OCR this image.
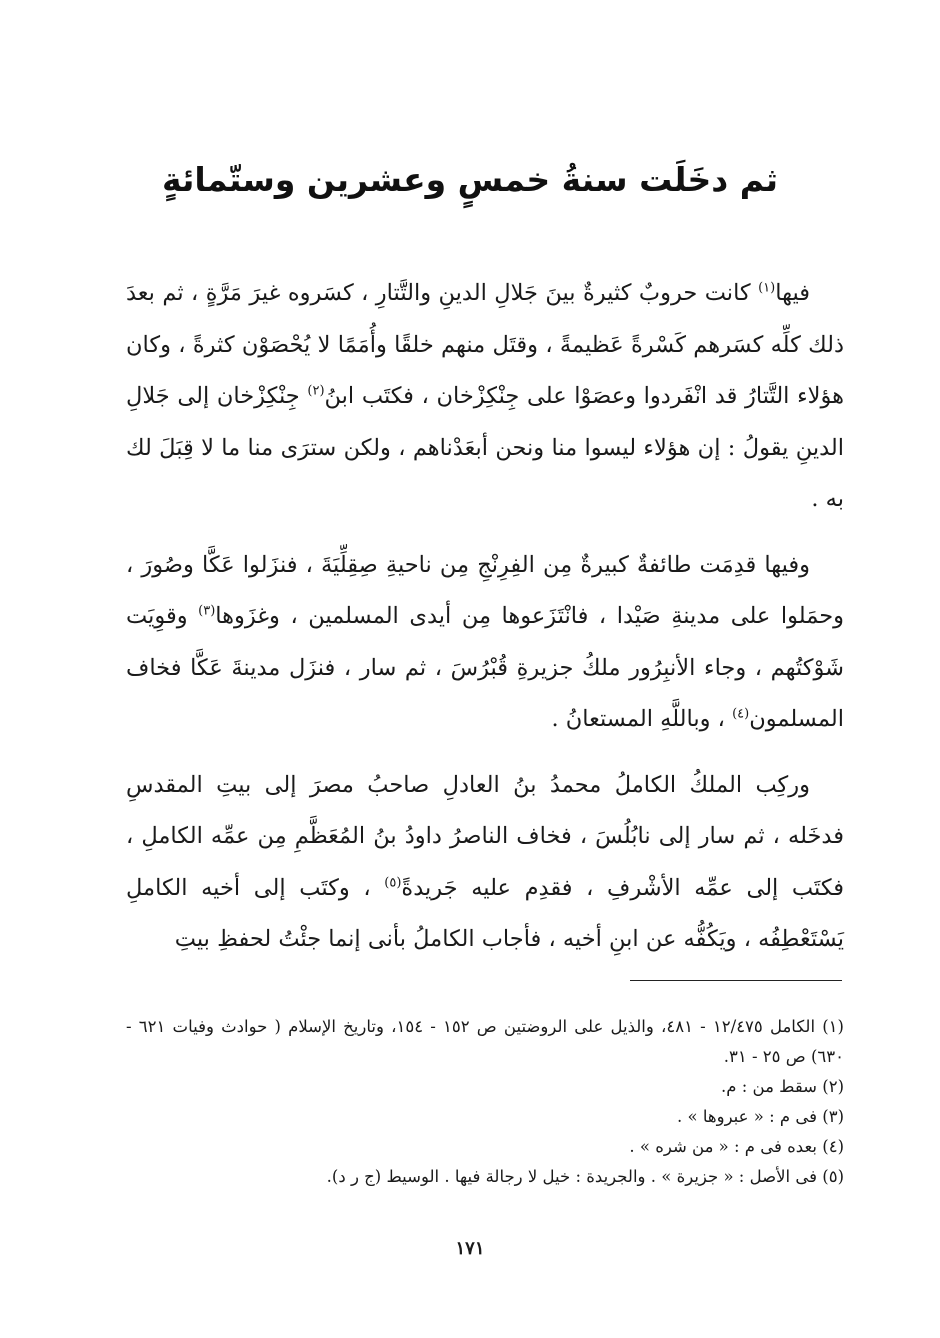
ثم دخَلَت سنةُ خمسٍ وعشرين وستّمائةٍ

فيها$^{(١)}$ كانت حروبٌ كثيرةٌ بينَ جَلالِ الدينِ والتَّتارِ ، كسَروه غيرَ مَرَّةٍ ، ثم بعدَ ذلك كلِّه كسَرهم كَسْرةً عَظيمةً ، وقتَل منهم خلقًا وأُمَمًا لا يُحْصَوْن كثرةً ، وكان هؤلاء التَّتارُ قد انْفَردوا وعصَوْا على جِنْكِزْخان ، فكتَب ابنُ$^{(٢)}$ جِنْكِزْخان إلى جَلالِ الدينِ يقولُ : إن هؤلاء ليسوا منا ونحن أبعَدْناهم ، ولكن سترَى منا ما لا قِبَلَ لك به .

وفيها قدِمَت طائفةٌ كبيرةٌ مِن الفِرِنْجِ مِن ناحيةِ صِقِلِّيَةَ ، فنزَلوا عَكَّا وصُورَ ، وحمَلوا على مدينةِ صَيْدا ، فانْتَزَعوها مِن أيدى المسلمين ، وغزَوها$^{(٣)}$ وقوِيَت شَوْكتُهم ، وجاء الأنبِرُور ملكُ جزيرةِ قُبْرُسَ ، ثم سار ، فنزَل مدينةَ عَكَّا فخاف المسلمون$^{(٤)}$ ، وباللَّهِ المستعانُ .

وركِب الملكُ الكاملُ محمدُ بنُ العادلِ صاحبُ مصرَ إلى بيتِ المقدسِ فدخَله ، ثم سار إلى نابُلُسَ ، فخاف الناصرُ داودُ بنُ المُعَظَّمِ مِن عمِّه الكاملِ ، فكتَب إلى عمِّه الأشْرفِ ، فقدِم عليه جَريدةً$^{(٥)}$ ، وكتَب إلى أخيه الكاملِ يَسْتَعْطِفُه ، ويَكُفُّه عن ابنِ أخيه ، فأجاب الكاملُ بأنى إنما جئْتُ لحفظِ بيتِ

(١) الكامل ١٢/٤٧٥ - ٤٨١، والذيل على الروضتين ص ١٥٢ - ١٥٤، وتاريخ الإسلام ( حوادث وفيات ٦٢١ - ٦٣٠) ص ٢٥ - ٣١.

(٢) سقط من : م.

(٣) فى م : « عبروها » .

(٤) بعده فى م : « من شره » .

(٥) فى الأصل : « جزيرة » . والجريدة : خيل لا رجالة فيها . الوسيط (ج ر د).

١٧١
